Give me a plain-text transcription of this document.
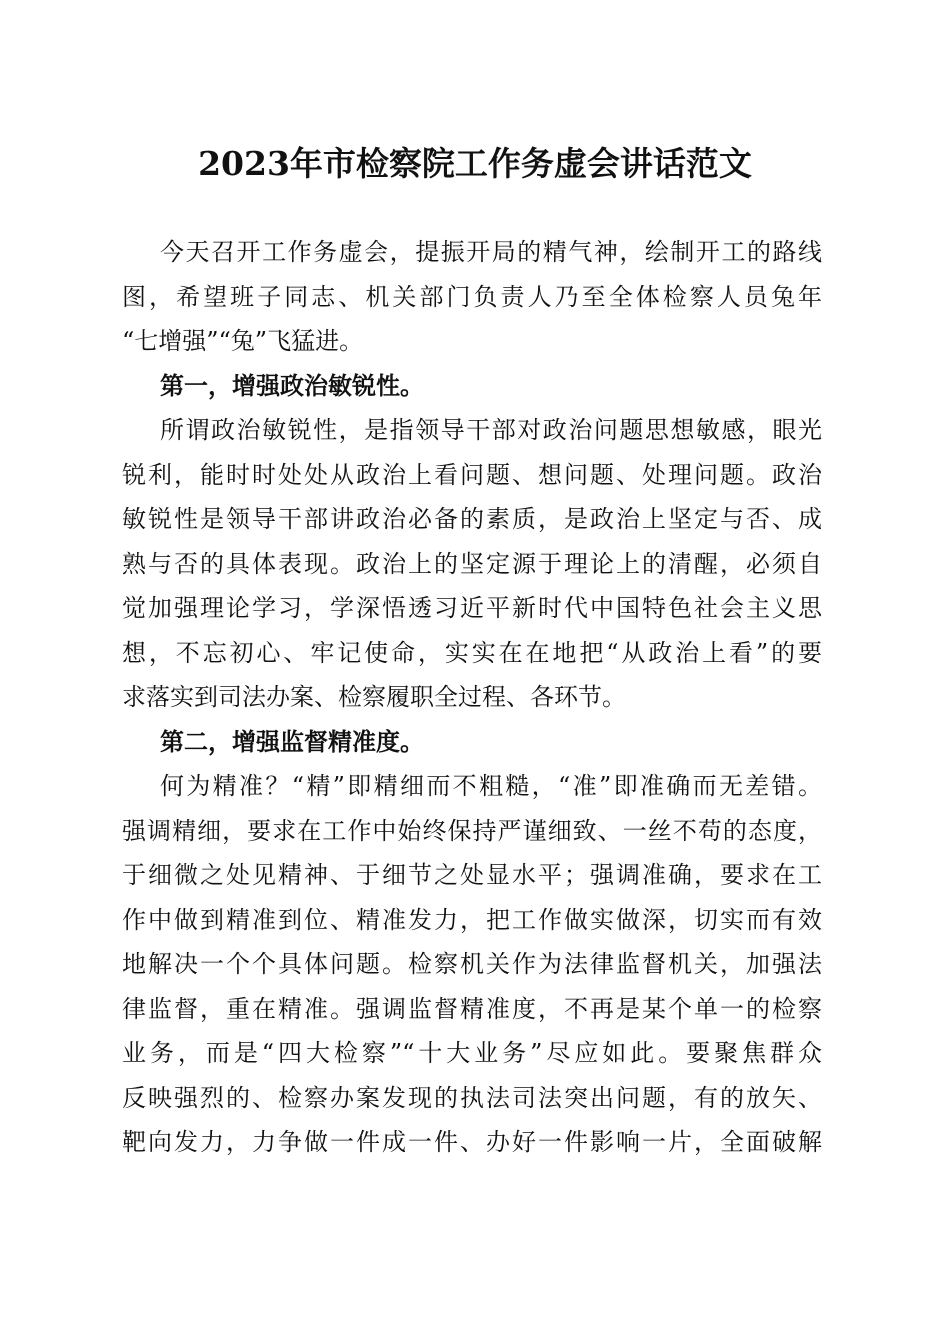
2023年市检察院工作务虚会讲话范文
今天召开工作务虚会，提振开局的精气神，绘制开工的路线
图，希望班子同志、机关部门负责人乃至全体检察人员兔年
“七增强”“兔”飞猛进。
第一，增强政治敏锐性。
所谓政治敏锐性，是指领导干部对政治问题思想敏感，眼光
锐利，能时时处处从政治上看问题、想问题、处理问题。政治
敏锐性是领导干部讲政治必备的素质，是政治上坚定与否、成
熟与否的具体表现。政治上的坚定源于理论上的清醒，必须自
觉加强理论学习，学深悟透习近平新时代中国特色社会主义思
想，不忘初心、牢记使命，实实在在地把“从政治上看”的要
求落实到司法办案、检察履职全过程、各环节。
第二，增强监督精准度。
何为精准？“精”即精细而不粗糙，“准”即准确而无差错。
强调精细，要求在工作中始终保持严谨细致、一丝不苟的态度，
于细微之处见精神、于细节之处显水平；强调准确，要求在工
作中做到精准到位、精准发力，把工作做实做深，切实而有效
地解决一个个具体问题。检察机关作为法律监督机关，加强法
律监督，重在精准。强调监督精准度，不再是某个单一的检察
业务，而是“四大检察”“十大业务”尽应如此。要聚焦群众
反映强烈的、检察办案发现的执法司法突出问题，有的放矢、
靶向发力，力争做一件成一件、办好一件影响一片，全面破解
